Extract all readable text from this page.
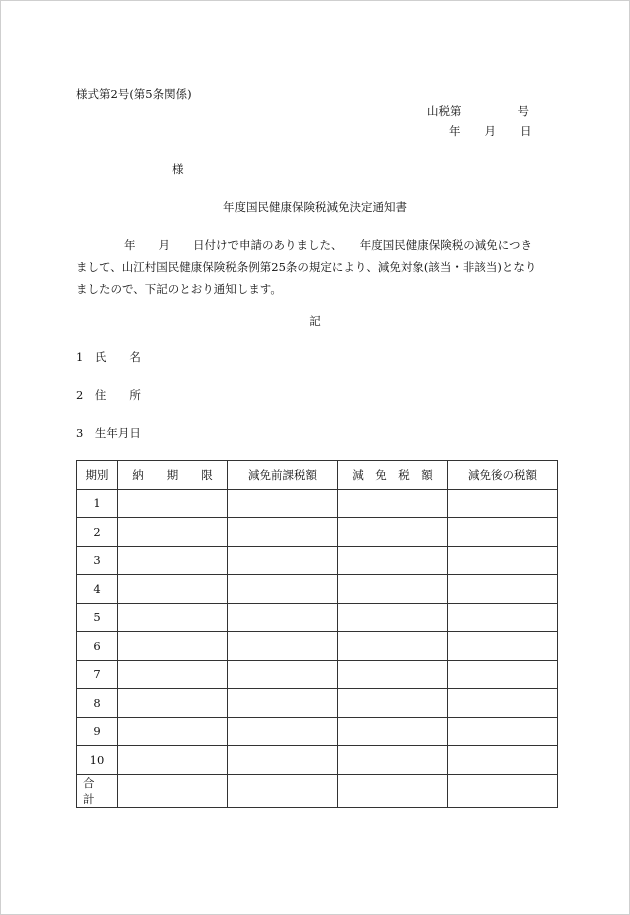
様式第2号(第5条関係)
山税第	号
年 月 日
様
年度国民健康保険税減免決定通知書
年　　月　　日付けで申請のありました、　　年度国民健康保険税の減免につき
まして、山江村国民健康保険税条例第25条の規定により、減免対象(該当・非該当)となり
ましたので、下記のとおり通知します。
記
1　氏　　名
2　住　　所
3　生年月日
期別	納　　期　　限	減免前課税額	減　免　税　額	減免後の税額
1				
2				
3				
4				
5				
6				
7				
8				
9				
10				
合 計				
